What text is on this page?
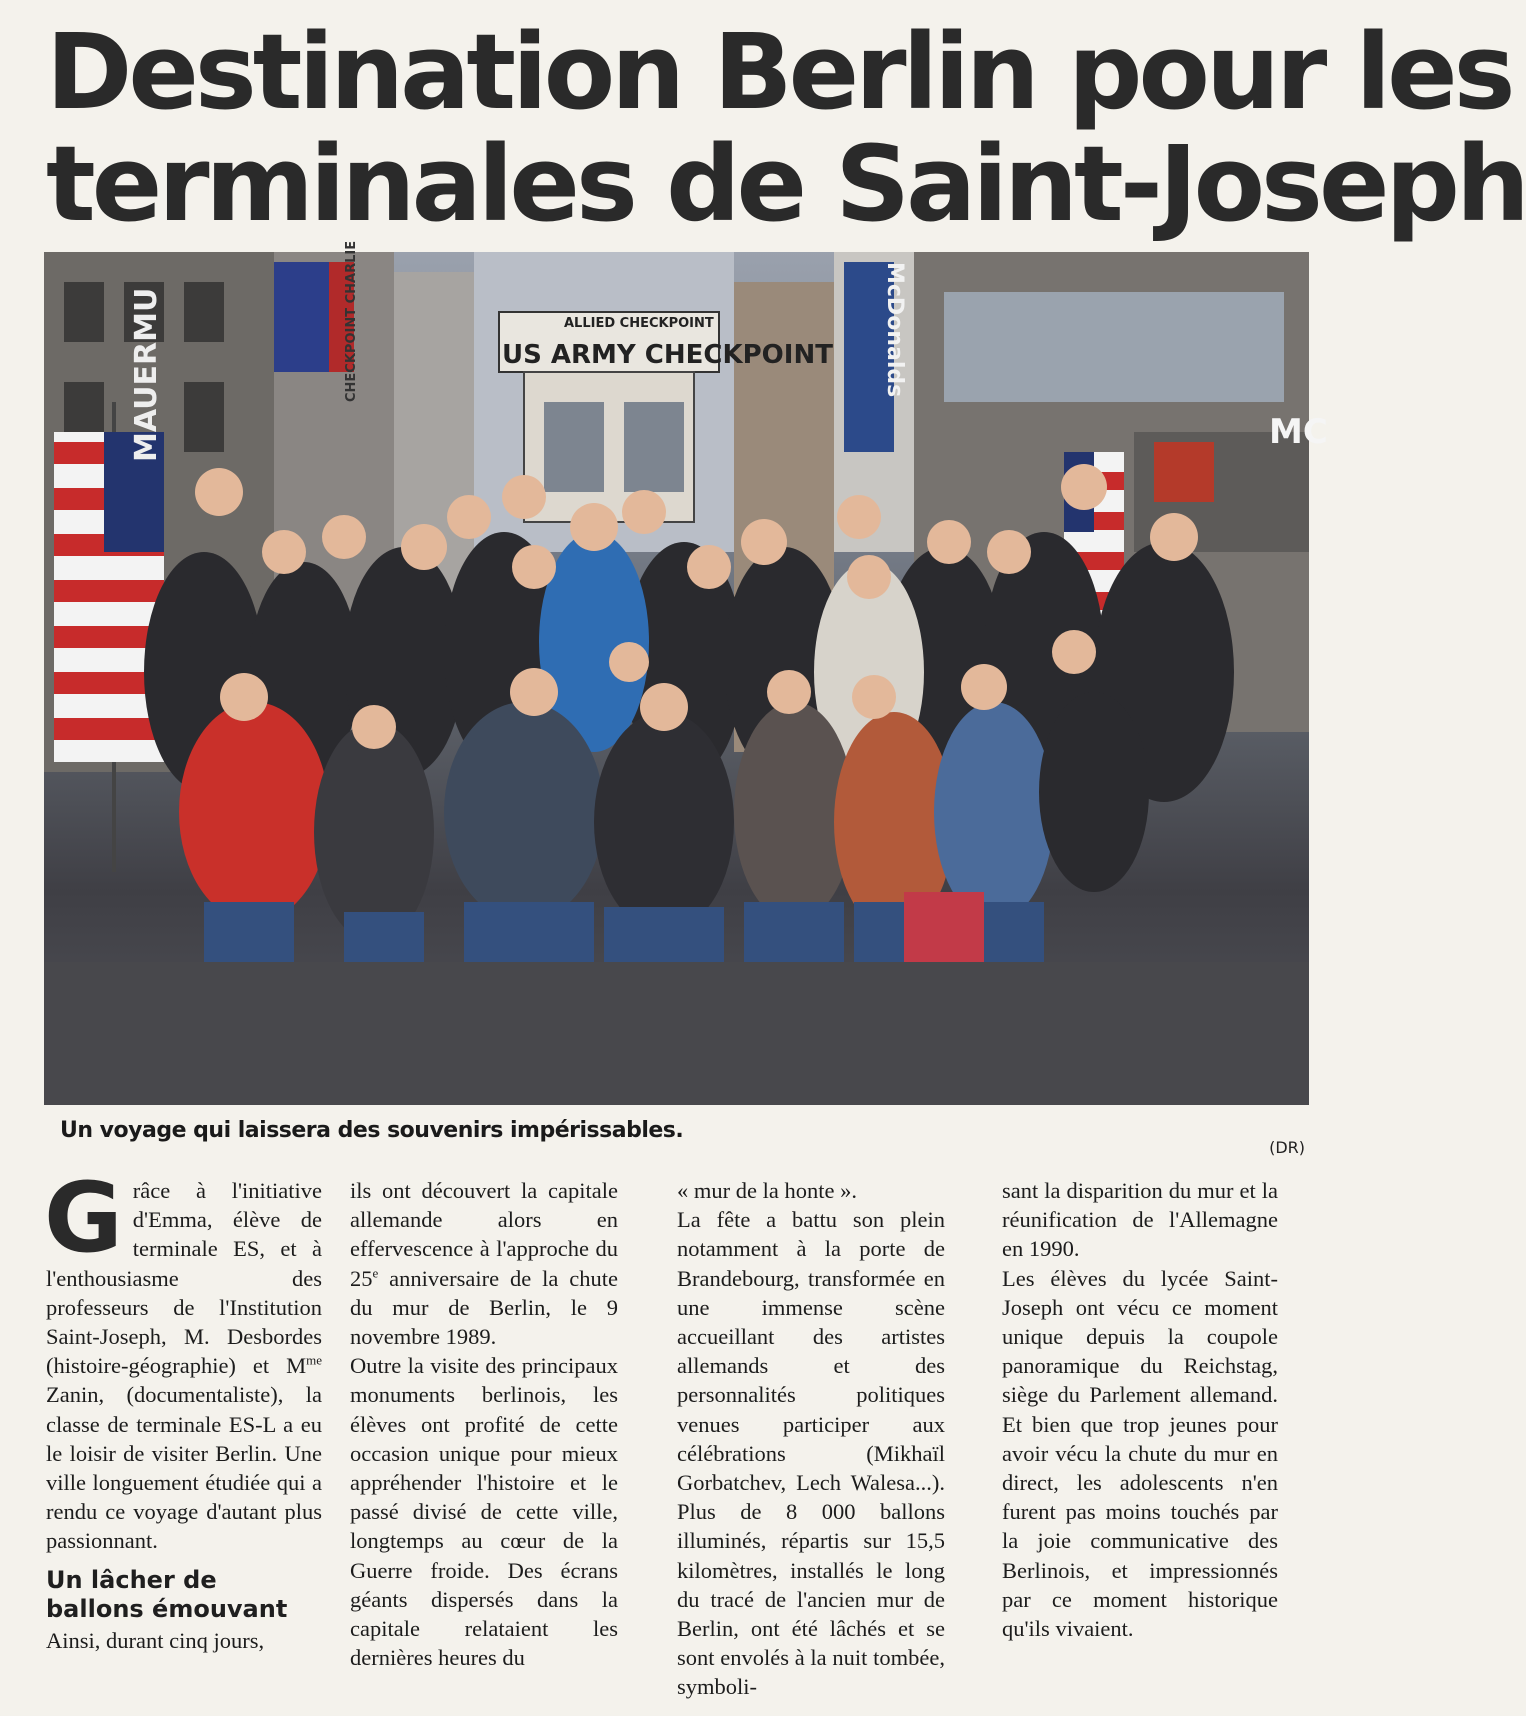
Destination Berlin pour les
terminales de Saint-Joseph
ALLIED CHECKPOINT
US ARMY CHECKPOINT
CHECKPOINT CHARLIE	McDonalds
MAUERMU	MC
Un voyage qui laissera des souvenirs impérissables.
(DR)

Grâce à l'initiative d'Emma, élève de terminale ES, et à l'enthousiasme des professeurs de l'Institution Saint-Joseph, M. Desbordes (histoire-géographie) et $M^{me}$ Zanin, (documentaliste), la classe de terminale ES-L a eu le loisir de visiter Berlin. Une ville longuement étudiée qui a rendu ce voyage d'autant plus passionnant.

Un lâcher de ballons émouvant

Ainsi, durant cinq jours,

ils ont découvert la capitale allemande alors en effervescence à l'approche du 25e anniversaire de la chute du mur de Berlin, le 9 novembre 1989.

Outre la visite des principaux monuments berlinois, les élèves ont profité de cette occasion unique pour mieux appréhender l'histoire et le passé divisé de cette ville, longtemps au cœur de la Guerre froide. Des écrans géants dispersés dans la capitale relataient les dernières heures du

« mur de la honte ».

La fête a battu son plein notamment à la porte de Brandebourg, transformée en une immense scène accueillant des artistes allemands et des personnalités politiques venues participer aux célébrations (Mikhaïl Gorbatchev, Lech Walesa...). Plus de 8 000 ballons illuminés, répartis sur 15,5 kilomètres, installés le long du tracé de l'ancien mur de Berlin, ont été lâchés et se sont envolés à la nuit tombée, symboli-

sant la disparition du mur et la réunification de l'Allemagne en 1990.

Les élèves du lycée Saint-Joseph ont vécu ce moment unique depuis la coupole panoramique du Reichstag, siège du Parlement allemand. Et bien que trop jeunes pour avoir vécu la chute du mur en direct, les adolescents n'en furent pas moins touchés par la joie communicative des Berlinois, et impressionnés par ce moment historique qu'ils vivaient.
